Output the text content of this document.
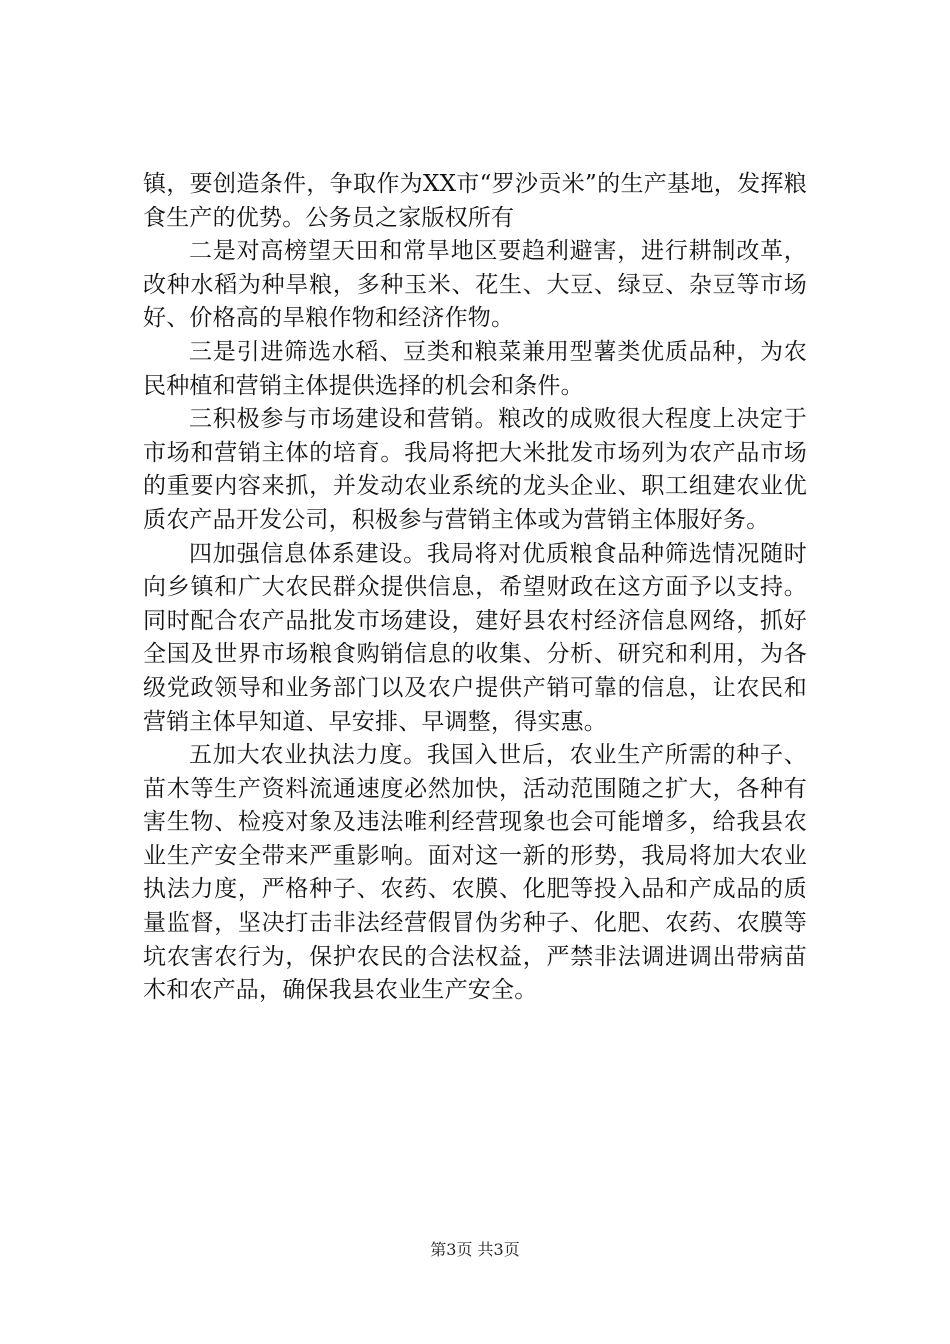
镇，要创造条件，争取作为XX市“罗沙贡米”的生产基地，发挥粮食生产的优势。公务员之家版权所有

二是对高榜望天田和常旱地区要趋利避害，进行耕制改革，改种水稻为种旱粮，多种玉米、花生、大豆、绿豆、杂豆等市场好、价格高的旱粮作物和经济作物。

三是引进筛选水稻、豆类和粮菜兼用型薯类优质品种，为农民种植和营销主体提供选择的机会和条件。

三积极参与市场建设和营销。粮改的成败很大程度上决定于市场和营销主体的培育。我局将把大米批发市场列为农产品市场的重要内容来抓，并发动农业系统的龙头企业、职工组建农业优质农产品开发公司，积极参与营销主体或为营销主体服好务。

四加强信息体系建设。我局将对优质粮食品种筛选情况随时向乡镇和广大农民群众提供信息，希望财政在这方面予以支持。同时配合农产品批发市场建设，建好县农村经济信息网络，抓好全国及世界市场粮食购销信息的收集、分析、研究和利用，为各级党政领导和业务部门以及农户提供产销可靠的信息，让农民和营销主体早知道、早安排、早调整，得实惠。

五加大农业执法力度。我国入世后，农业生产所需的种子、苗木等生产资料流通速度必然加快，活动范围随之扩大，各种有害生物、检疫对象及违法唯利经营现象也会可能增多，给我县农业生产安全带来严重影响。面对这一新的形势，我局将加大农业执法力度，严格种子、农药、农膜、化肥等投入品和产成品的质量监督，坚决打击非法经营假冒伪劣种子、化肥、农药、农膜等坑农害农行为，保护农民的合法权益，严禁非法调进调出带病苗木和农产品，确保我县农业生产安全。

第3页 共3页
